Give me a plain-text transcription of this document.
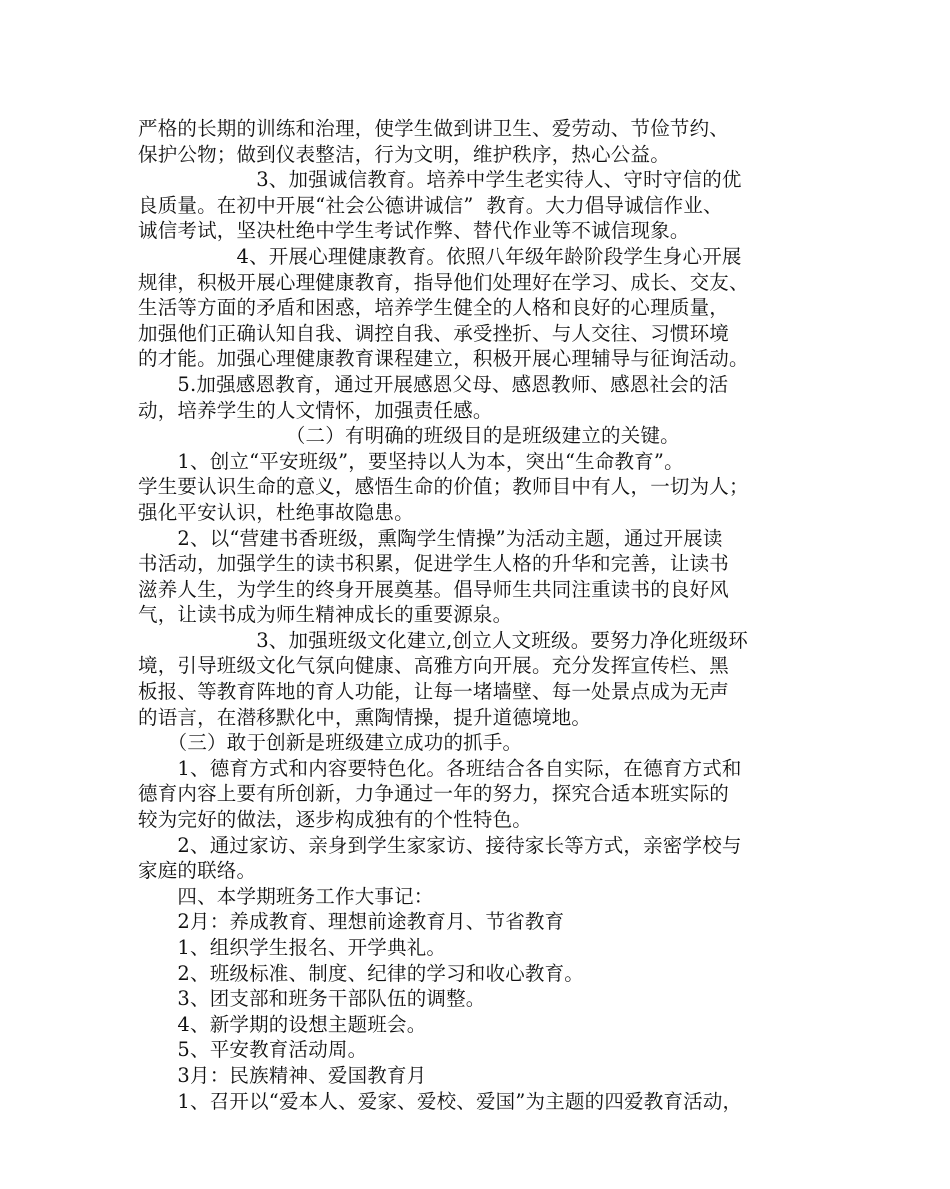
严格的长期的训练和治理，使学生做到讲卫生、爱劳动、节俭节约、
保护公物；做到仪表整洁，行为文明，维护秩序，热心公益。
　　　　　　3、加强诚信教育。培养中学生老实待人、守时守信的优
良质量。在初中开展“社会公德讲诚信”  教育。大力倡导诚信作业、
诚信考试，坚决杜绝中学生考试作弊、替代作业等不诚信现象。
　　　　　4、开展心理健康教育。依照八年级年龄阶段学生身心开展
规律，积极开展心理健康教育，指导他们处理好在学习、成长、交友、
生活等方面的矛盾和困惑，培养学生健全的人格和良好的心理质量，
加强他们正确认知自我、调控自我、承受挫折、与人交往、习惯环境
的才能。加强心理健康教育课程建立，积极开展心理辅导与征询活动。
　　5.加强感恩教育，通过开展感恩父母、感恩教师、感恩社会的活
动，培养学生的人文情怀，加强责任感。
　　　　　　　　（二）有明确的班级目的是班级建立的关键。
　　1、创立“平安班级”，要坚持以人为本，突出“生命教育”。
学生要认识生命的意义，感悟生命的价值；教师目中有人，一切为人；
强化平安认识，杜绝事故隐患。
　　2、以“营建书香班级，熏陶学生情操”为活动主题，通过开展读
书活动，加强学生的读书积累，促进学生人格的升华和完善，让读书
滋养人生，为学生的终身开展奠基。倡导师生共同注重读书的良好风
气，让读书成为师生精神成长的重要源泉。
　　　　　　3、加强班级文化建立,创立人文班级。要努力净化班级环
境，引导班级文化气氛向健康、高雅方向开展。充分发挥宣传栏、黑
板报、等教育阵地的育人功能，让每一堵墙壁、每一处景点成为无声
的语言，在潜移默化中，熏陶情操，提升道德境地。
　　（三）敢于创新是班级建立成功的抓手。
　　1、德育方式和内容要特色化。各班结合各自实际，在德育方式和
德育内容上要有所创新，力争通过一年的努力，探究合适本班实际的
较为完好的做法，逐步构成独有的个性特色。
　　2、通过家访、亲身到学生家家访、接待家长等方式，亲密学校与
家庭的联络。
　　四、本学期班务工作大事记：
　　2月：养成教育、理想前途教育月、节省教育
　　1、组织学生报名、开学典礼。
　　2、班级标准、制度、纪律的学习和收心教育。
　　3、团支部和班务干部队伍的调整。
　　4、新学期的设想主题班会。
　　5、平安教育活动周。
　　3月：民族精神、爱国教育月
　　1、召开以“爱本人、爱家、爱校、爱国”为主题的四爱教育活动，
